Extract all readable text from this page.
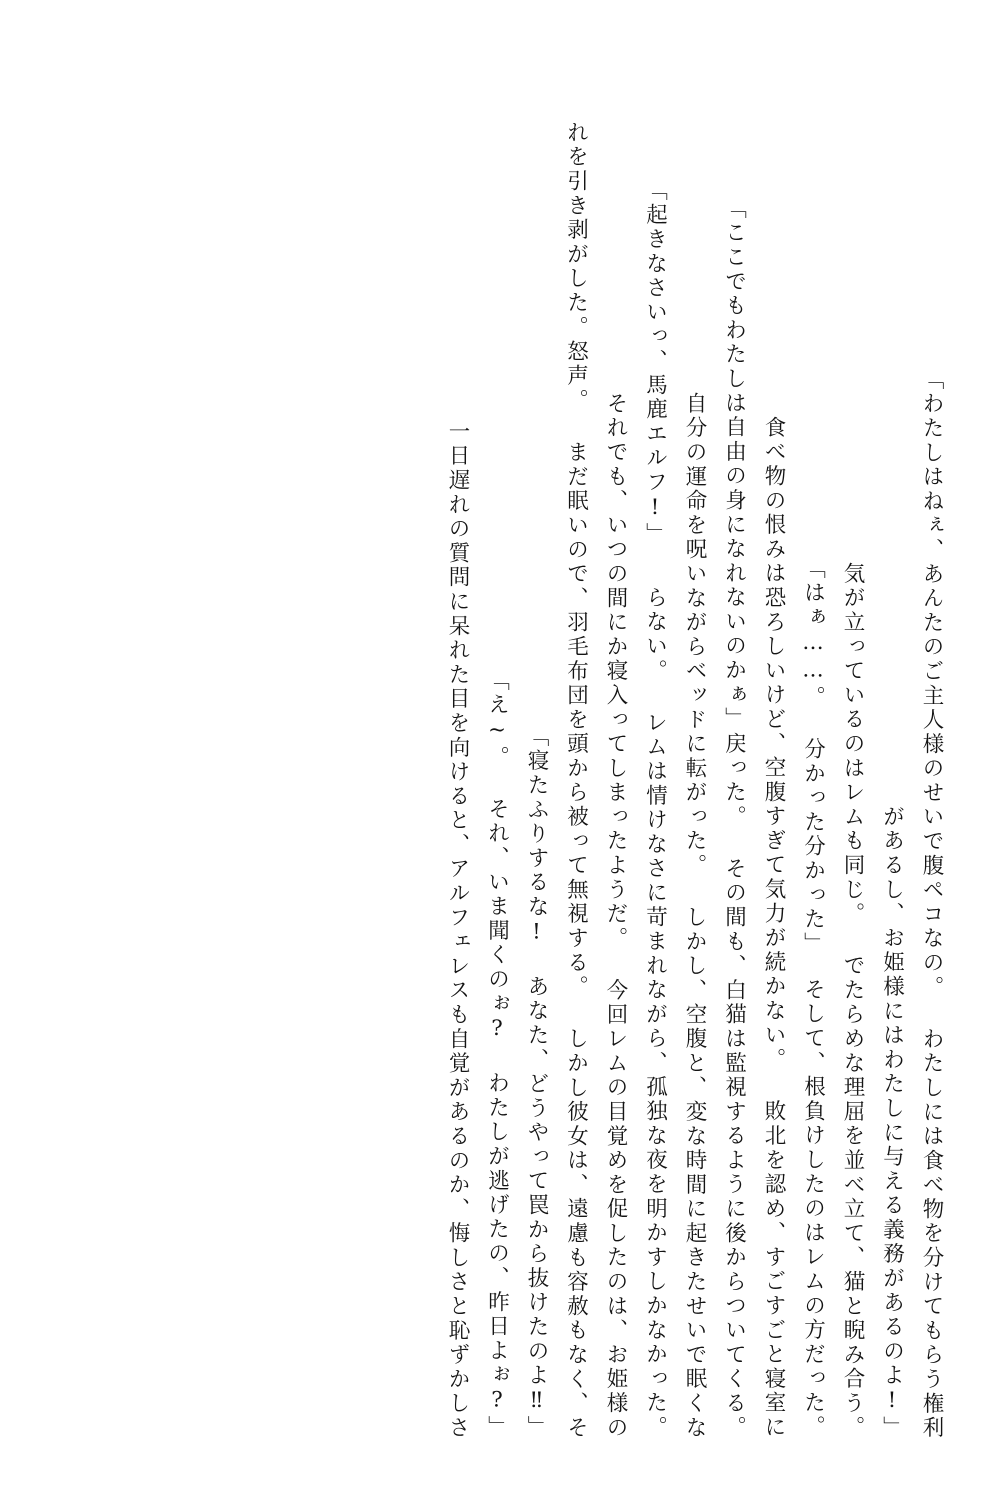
「わたしはねぇ、あんたのご主人様のせいで腹ペコなの。 わたしには食べ物を分けてもらう権利
があるし、お姫様にはわたしに与える義務があるのよ!」
気が立っているのはレムも同じ。 でたらめな理屈を並べ立て、猫と睨み合う。
そして、根負けしたのはレムの方だった。
「はぁ……。 分かった分かった」
食べ物の恨みは恐ろしいけど、空腹すぎて気力が続かない。 敗北を認め、すごすごと寝室に
戻った。 その間も、白猫は監視するように後からついてくる。
「ここでもわたしは自由の身になれないのかぁ」
自分の運命を呪いながらベッドに転がった。 しかし、空腹と、変な時間に起きたせいで眠くな
らない。 レムは情けなさに苛まれながら、孤独な夜を明かすしかなかった。
「起きなさいっ、馬鹿エルフ!」
それでも、いつの間にか寝入ってしまったようだ。 今回レムの目覚めを促したのは、お姫様の
怒声。 まだ眠いので、羽毛布団を頭から被って無視する。 しかし彼女は、遠慮も容赦もなく、そ
れを引き剥がした。
「寝たふりするな! あなた、どうやって罠から抜けたのよ‼」
「え~。 それ、いま聞くのぉ? わたしが逃げたの、昨日よぉ?」
一日遅れの質問に呆れた目を向けると、アルフェレスも自覚があるのか、悔しさと恥ずかしさ
